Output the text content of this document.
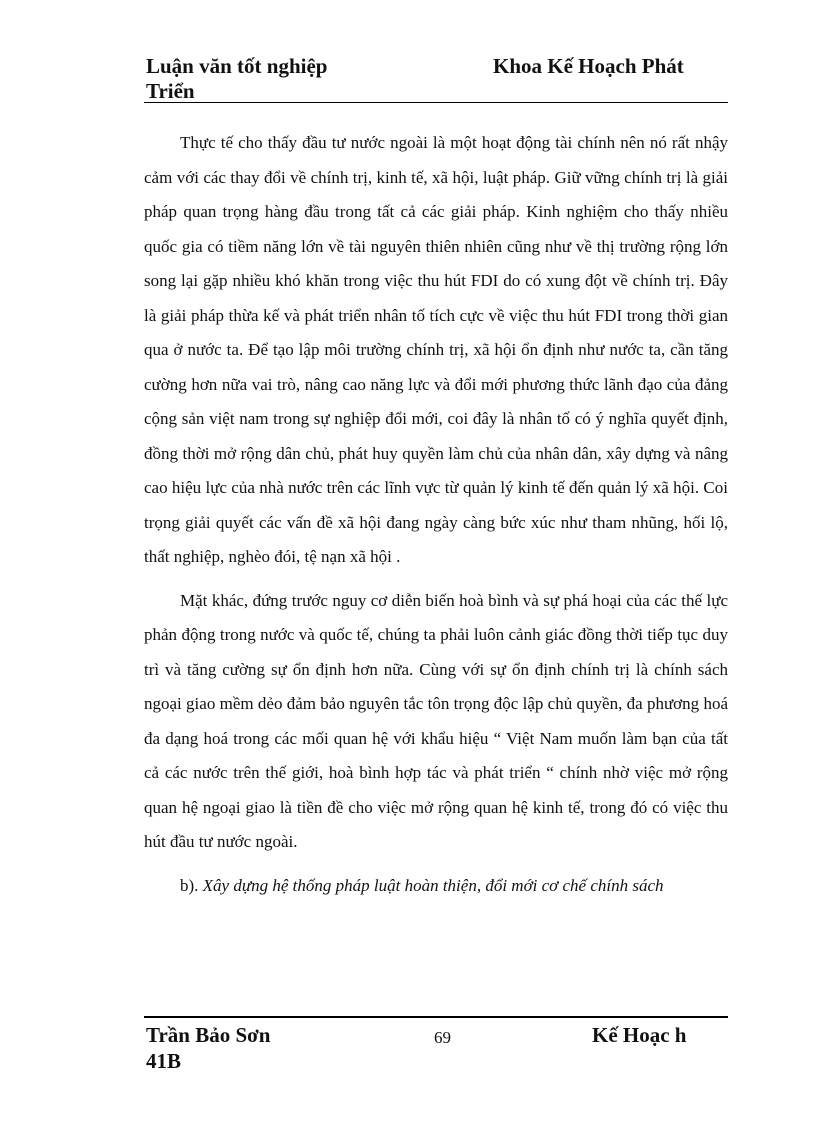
Luận văn tốt nghiệp	Khoa Kế Hoạch Phát
Triển

Thực tế cho thấy đầu tư nước ngoài là một hoạt động tài chính nên nó rất nhậy cảm với các thay đổi về chính trị, kinh tế, xã hội, luật pháp. Giữ vững chính trị là giải pháp quan trọng hàng đầu trong tất cả các giải pháp. Kinh nghiệm cho thấy nhiều quốc gia có tiềm năng lớn về tài nguyên thiên nhiên cũng như về thị trường rộng lớn song lại gặp nhiều khó khăn trong việc thu hút FDI do có xung đột về chính trị. Đây là giải pháp thừa kế và phát triển nhân tố tích cực về việc thu hút FDI trong thời gian qua ở nước ta. Để tạo lập môi trường chính trị, xã hội ổn định như nước ta, cần tăng cường hơn nữa vai trò, nâng cao năng lực và đổi mới phương thức lãnh đạo của đảng cộng sản việt nam trong sự nghiệp đổi mới, coi đây là nhân tố có ý nghĩa quyết định, đồng thời mở rộng dân chủ, phát huy quyền làm chủ của nhân dân, xây dựng và nâng cao hiệu lực của nhà nước trên các lĩnh vực từ quản lý kinh tế đến quản lý xã hội. Coi trọng giải quyết các vấn đề xã hội đang ngày càng bức xúc như tham nhũng, hối lộ, thất nghiệp, nghèo đói, tệ nạn xã hội .

Mặt khác, đứng trước nguy cơ diễn biến hoà bình và sự phá hoại của các thế lực phản động trong nước và quốc tế, chúng ta phải luôn cảnh giác đồng thời tiếp tục duy trì và tăng cường sự ổn định hơn nữa. Cùng với sự ổn định chính trị là chính sách ngoại giao mềm dẻo đảm bảo nguyên tắc tôn trọng độc lập chủ quyền, đa phương hoá đa dạng hoá trong các mối quan hệ với khẩu hiệu “ Việt Nam muốn làm bạn của tất cả các nước trên thế giới, hoà bình hợp tác và phát triển “ chính nhờ việc mở rộng quan hệ ngoại giao là tiền đề cho việc mở rộng quan hệ kinh tế, trong đó có việc thu hút đầu tư nước ngoài.

b). Xây dựng hệ thống pháp luật hoàn thiện, đổi mới cơ chế chính sách

Trần Bảo Sơn	69	Kế Hoạc h
41B
